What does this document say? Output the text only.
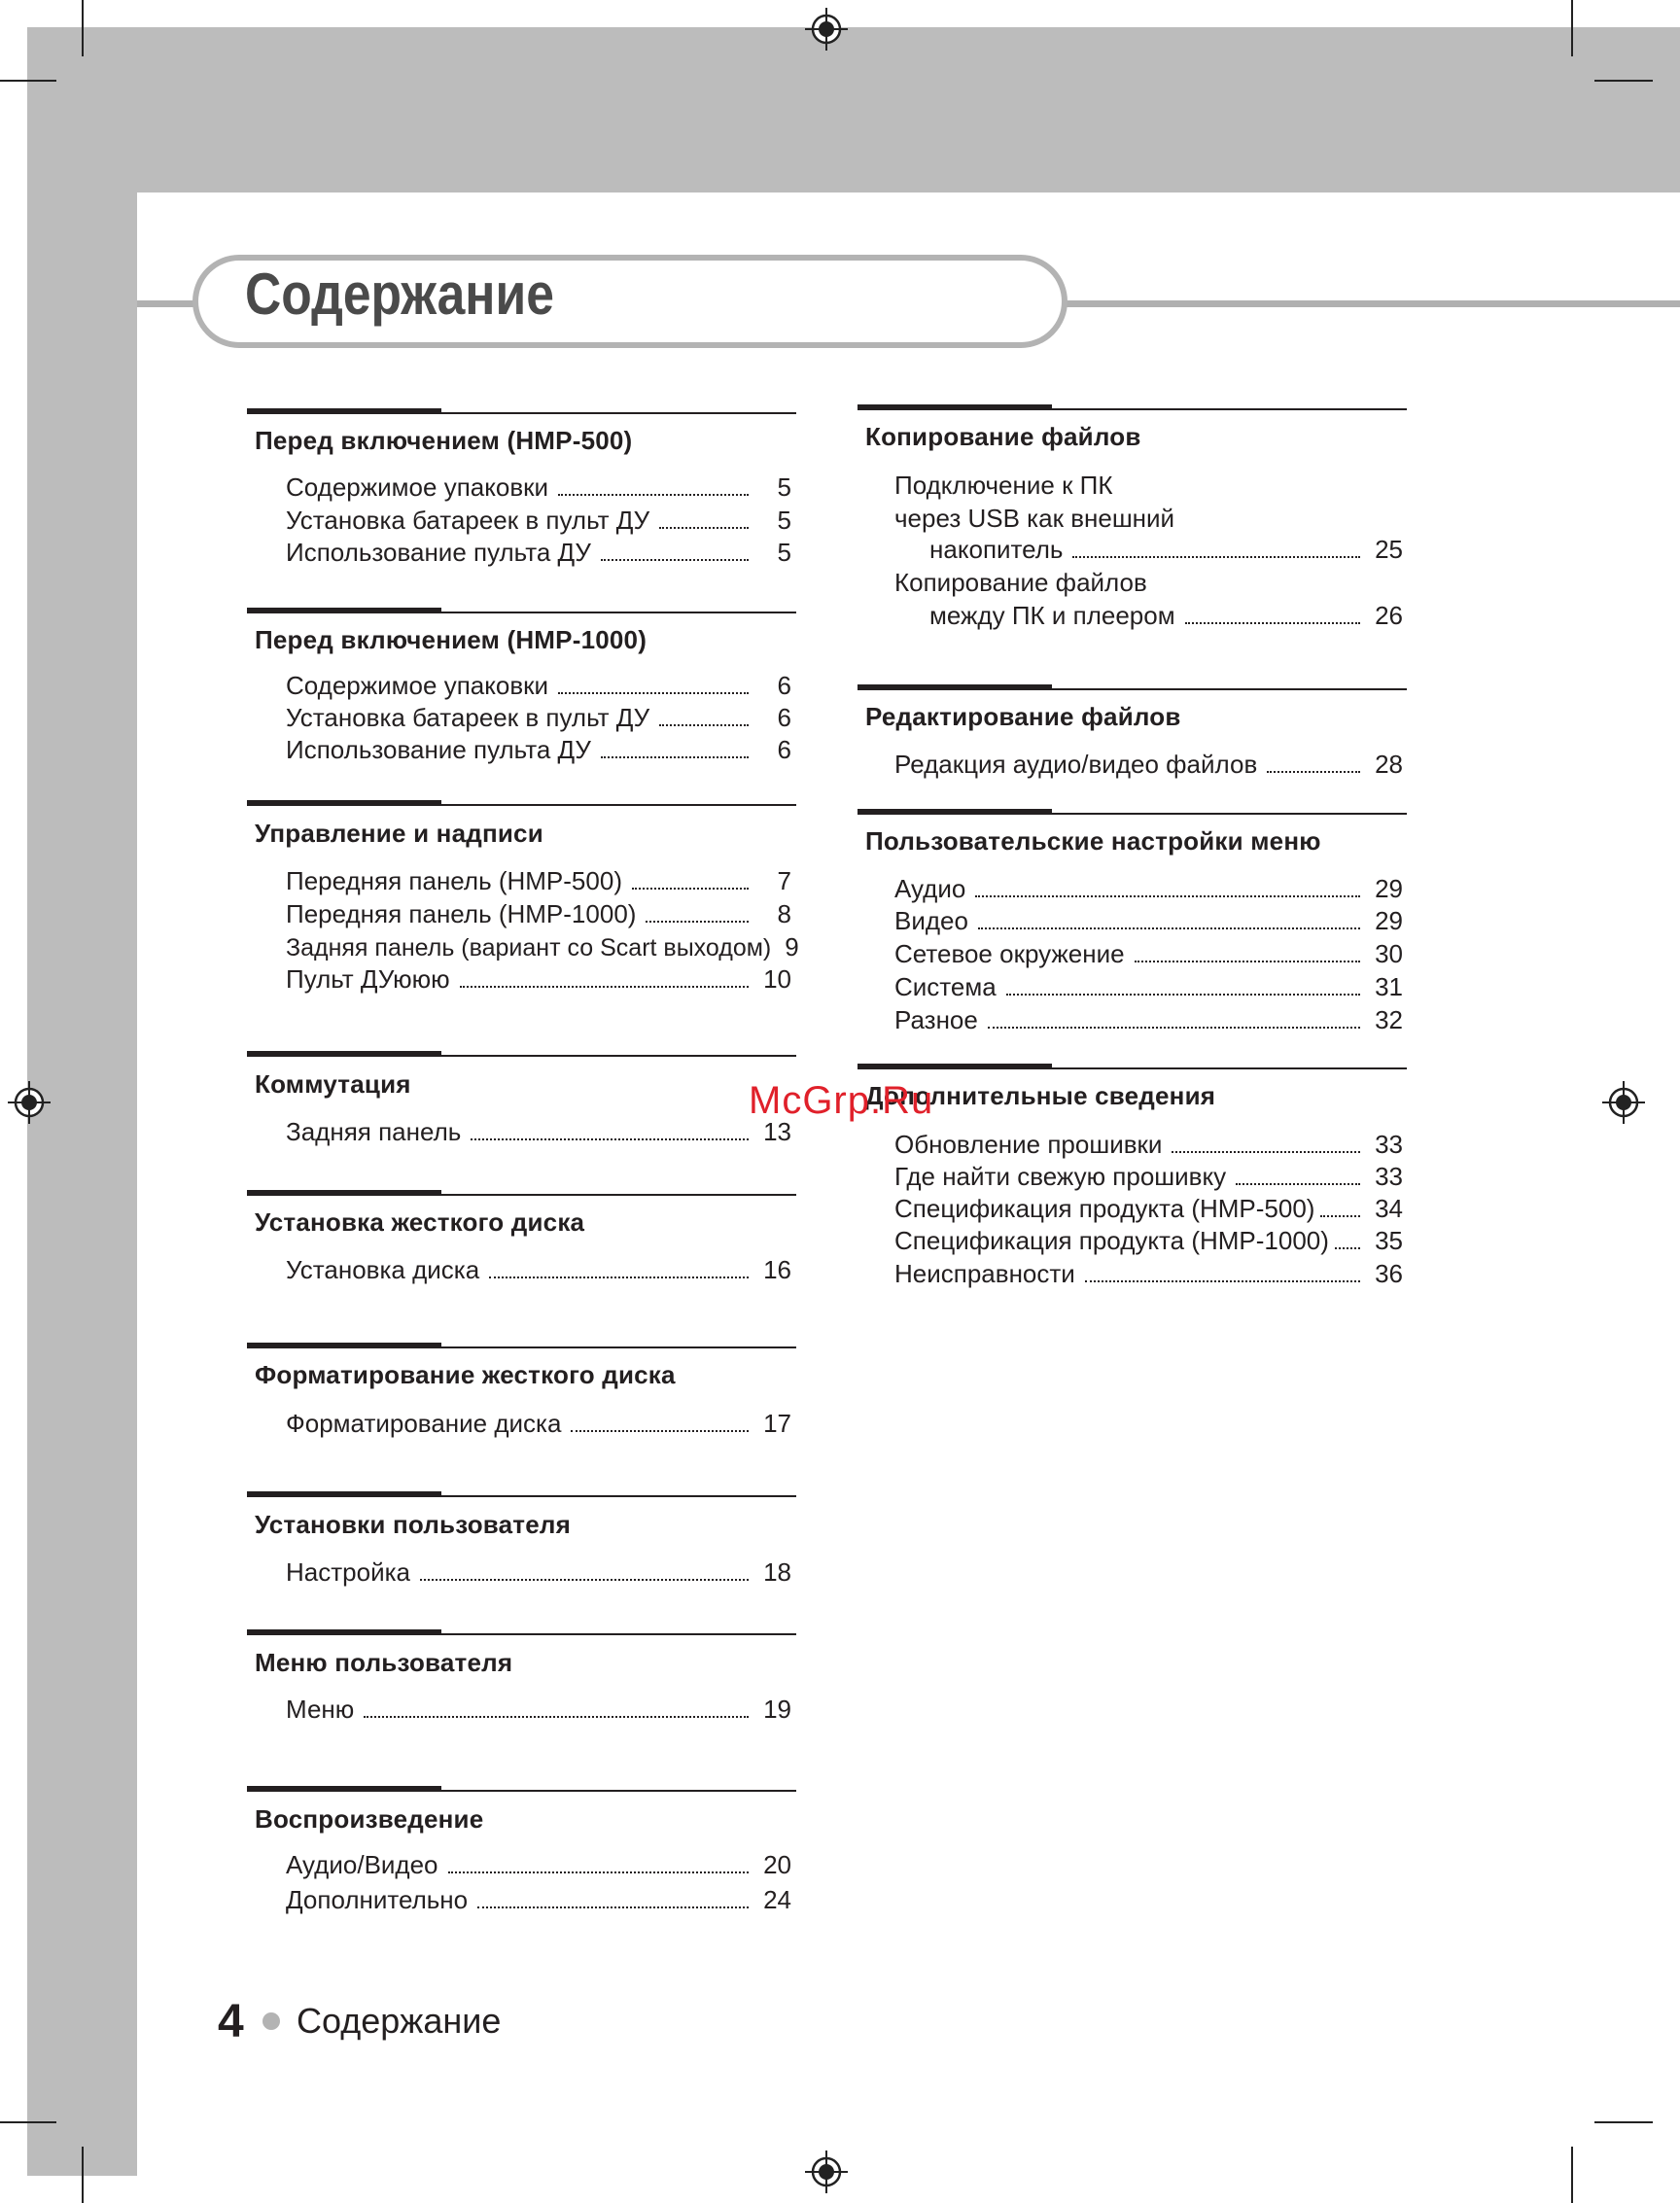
Содержание
Перед включением (HMP-500)
Содержимое упаковки	5
Установка батареек в пульт ДУ	5
Использование пульта ДУ	5
Перед включением (HMP-1000)
Содержимое упаковки	6
Установка батареек в пульт ДУ	6
Использование пульта ДУ	6
Управление и надписи
Передняя панель (HMP-500)	7
Передняя панель (HMP-1000)	8
Задняя панель (вариант со Scart выходом) 9
Пульт ДУююю	10
Коммутация
Задняя панель	13
Установка жесткого диска
Установка диска	16
Форматирование жесткого диска
Форматирование диска	17
Установки пользователя
Настройка	18
Меню пользователя
Меню	19
Воспроизведение
Аудио/Видео	20
Дополнительно	24
Копирование файлов
Подключение к ПК
через USB как внешний
накопитель	25
Копирование файлов
между ПК и плеером	26
Редактирование файлов
Редакция аудио/видео файлов	28
Пользовательские настройки меню
Аудио	29
Видео	29
Сетевое окружение	30
Система	31
Разное	32
Дополнительные сведения
Обновление прошивки	33
Где найти свежую прошивку	33
Спецификация продукта (HMP-500) 34
Спецификация продукта (HMP-1000) 35
Неисправности	36
McGrp.Ru
4 Содержание
